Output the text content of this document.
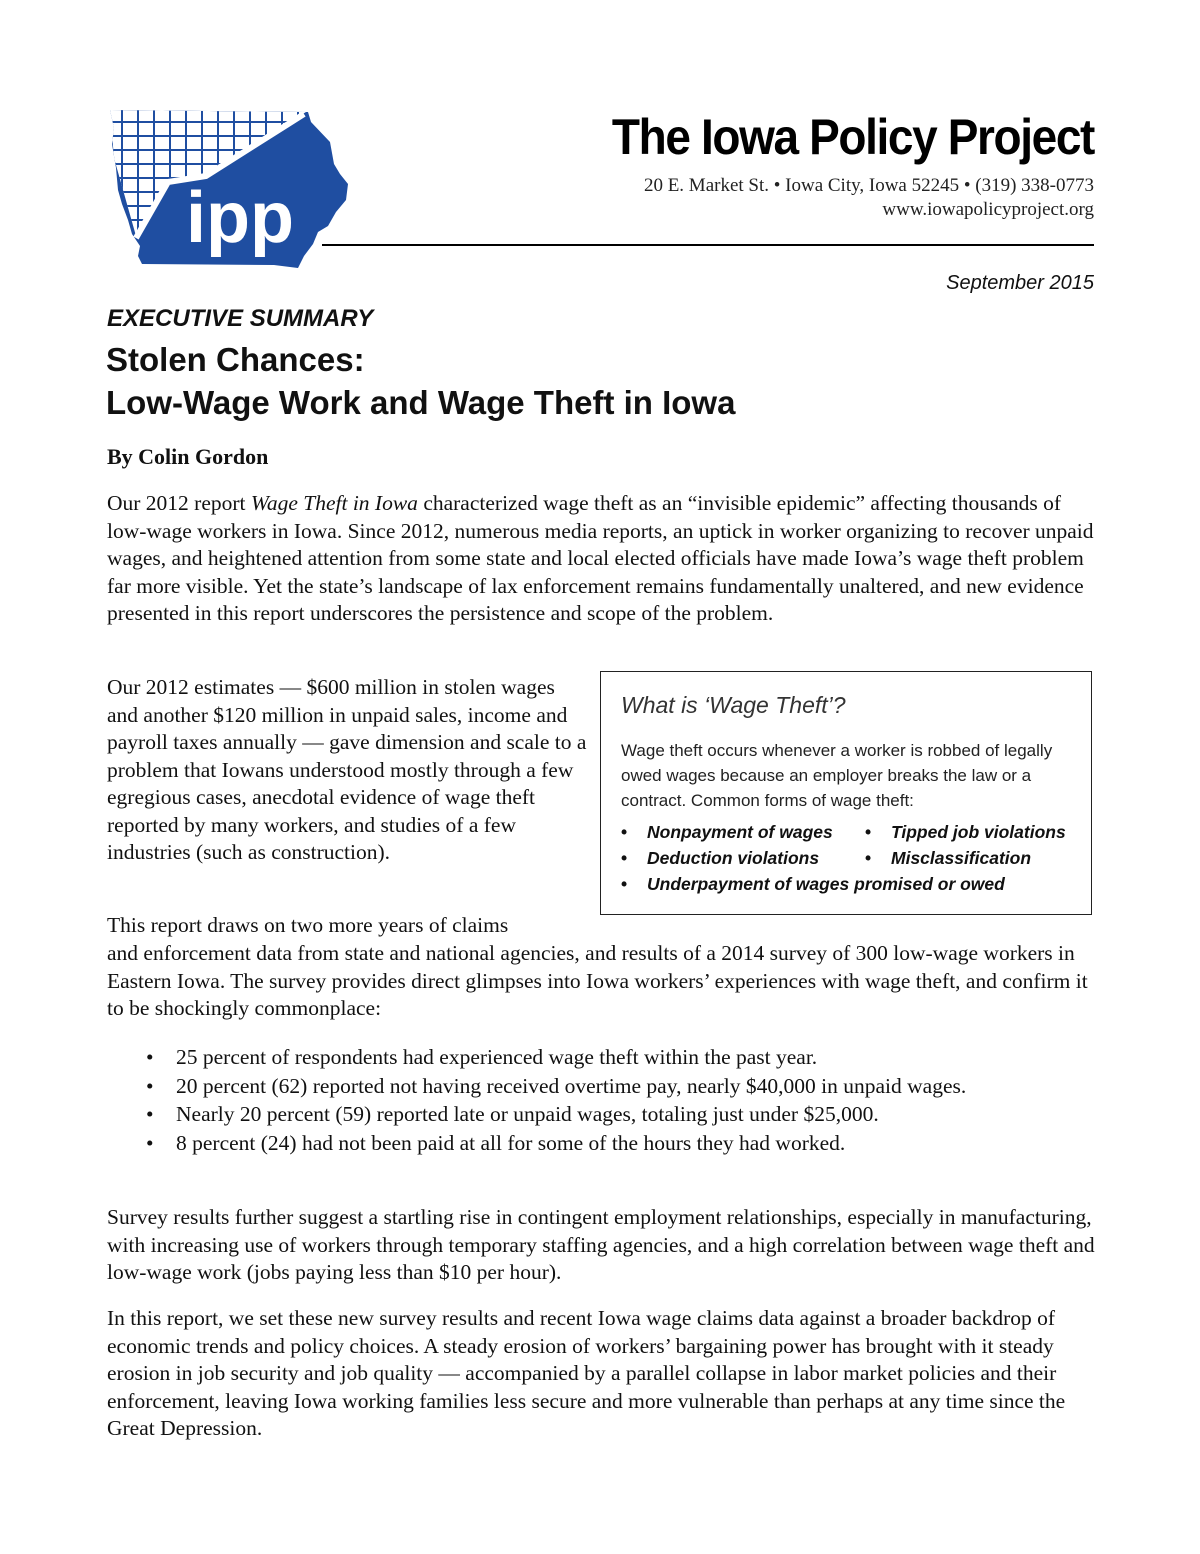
ipp
The Iowa Policy Project
20 E. Market St. • Iowa City, Iowa 52245 • (319) 338-0773
www.iowapolicyproject.org
September 2015
EXECUTIVE SUMMARY
Stolen Chances:
Low-Wage Work and Wage Theft in Iowa
By Colin Gordon
Our 2012 report Wage Theft in Iowa characterized wage theft as an “invisible epidemic” affecting thousands of low-wage workers in Iowa. Since 2012, numerous media reports, an uptick in worker organizing to recover unpaid wages, and heightened attention from some state and local elected officials have made Iowa’s wage theft problem far more visible. Yet the state’s landscape of lax enforcement remains fundamentally unaltered, and new evidence presented in this report underscores the persistence and scope of the problem.
Our 2012 estimates — $600 million in stolen wages and another $120 million in unpaid sales, income and payroll taxes annually — gave dimension and scale to a problem that Iowans understood mostly through a few egregious cases, anecdotal evidence of wage theft reported by many workers, and studies of a few industries (such as construction).
What is ‘Wage Theft’?
Wage theft occurs whenever a worker is robbed of legally owed wages because an employer breaks the law or a contract. Common forms of wage theft:
• Nonpayment of wages • Tipped job violations
• Deduction violations	• Misclassification
• Underpayment of wages promised or owed
This report draws on two more years of claims
and enforcement data from state and national agencies, and results of a 2014 survey of 300 low-wage workers in Eastern Iowa. The survey provides direct glimpses into Iowa workers’ experiences with wage theft, and confirm it to be shockingly commonplace:
• 25 percent of respondents had experienced wage theft within the past year.
• 20 percent (62) reported not having received overtime pay, nearly $40,000 in unpaid wages.
• Nearly 20 percent (59) reported late or unpaid wages, totaling just under $25,000.
• 8 percent (24) had not been paid at all for some of the hours they had worked.
Survey results further suggest a startling rise in contingent employment relationships, especially in manufacturing, with increasing use of workers through temporary staffing agencies, and a high correlation between wage theft and low-wage work (jobs paying less than $10 per hour).
In this report, we set these new survey results and recent Iowa wage claims data against a broader backdrop of economic trends and policy choices. A steady erosion of workers’ bargaining power has brought with it steady erosion in job security and job quality — accompanied by a parallel collapse in labor market policies and their enforcement, leaving Iowa working families less secure and more vulnerable than perhaps at any time since the Great Depression.
